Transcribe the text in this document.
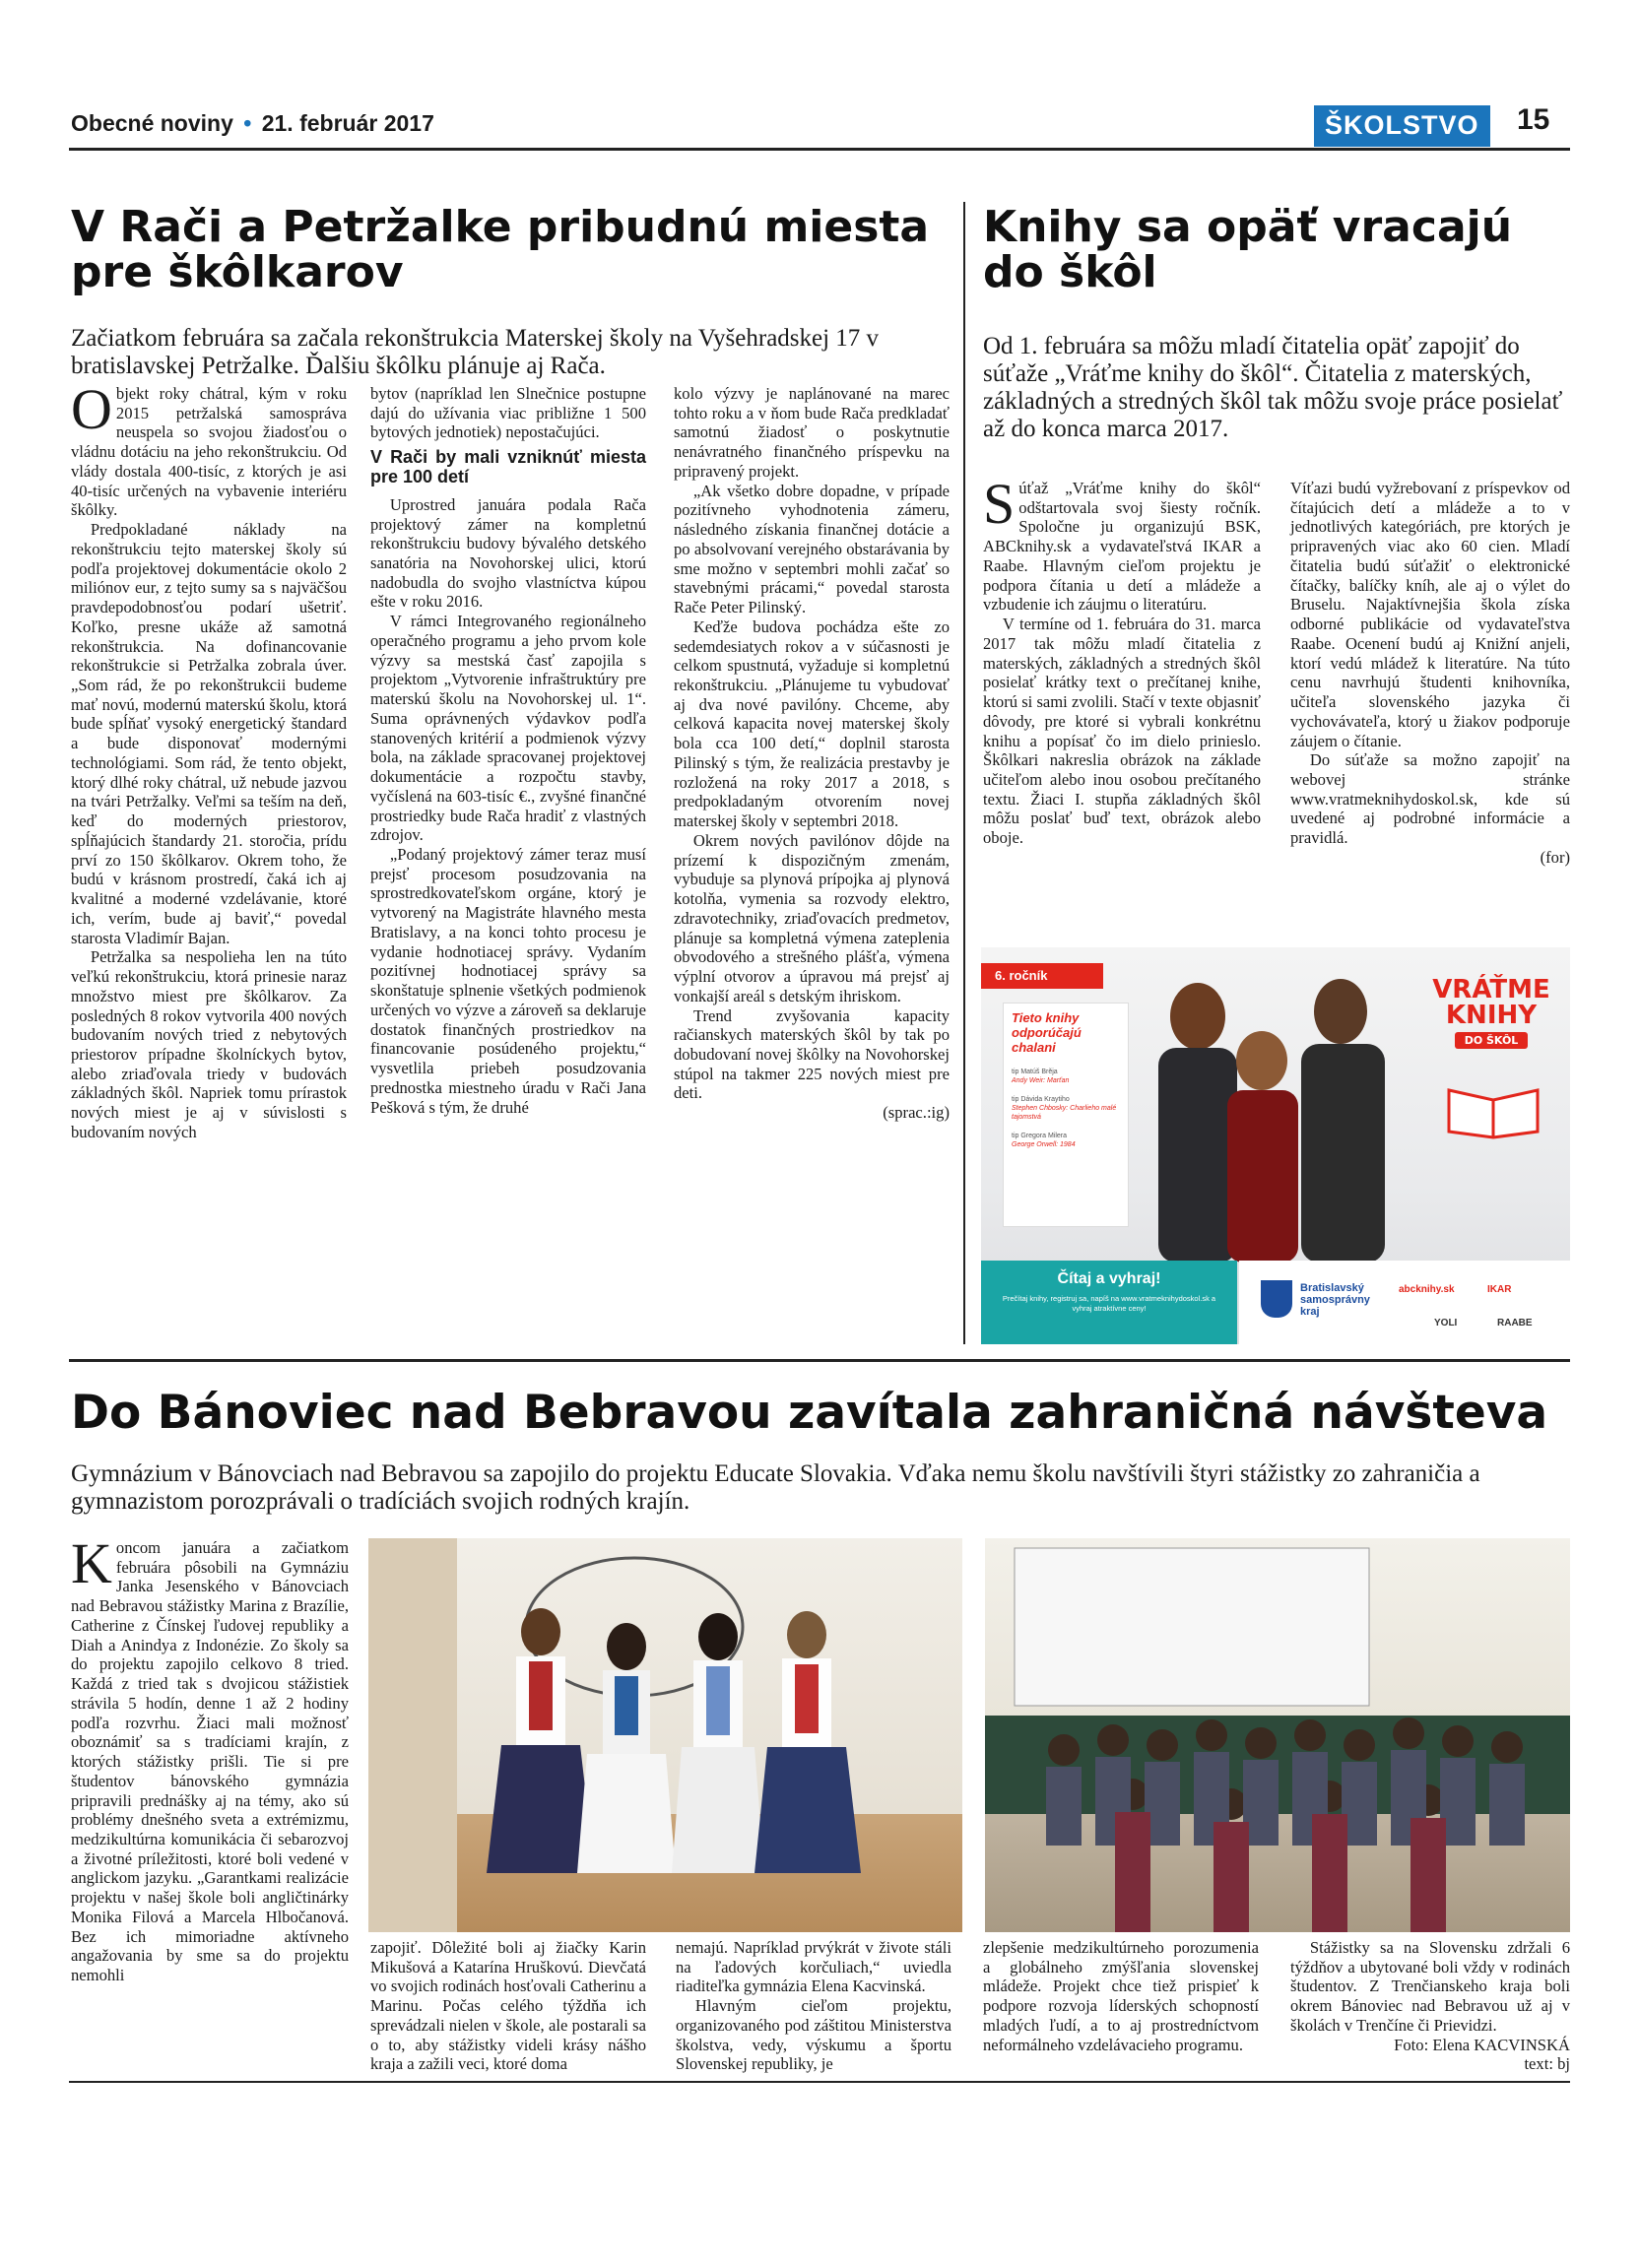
Obecné noviny • 21. február 2017	ŠKOLSTVO	15
V Rači a Petržalke pribudnú miesta pre škôlkarov
Začiatkom februára sa začala rekonštrukcia Materskej školy na Vyšehradskej 17 v bratislavskej Petržalke. Ďalšiu škôlku plánuje aj Rača.
O bjekt roky chátral, kým v roku 2015 petržalská samospráva neuspela so svojou žiadosťou o vládnu dotáciu na jeho rekonštrukciu. Od vlády dostala 400-tisíc, z ktorých je asi 40-tisíc určených na vybavenie interiéru škôlky.

Predpokladané náklady na rekonštrukciu tejto materskej školy sú podľa projektovej dokumentácie okolo 2 miliónov eur, z tejto sumy sa s najväčšou pravdepodobnosťou podarí ušetriť. Koľko, presne ukáže až samotná rekonštrukcia. Na dofinancovanie rekonštrukcie si Petržalka zobrala úver.„Som rád, že po rekonštrukcii budeme mať novú, modernú materskú školu, ktorá bude spĺňať vysoký energetický štandard a bude disponovať modernými technológiami. Som rád, že tento objekt, ktorý dlhé roky chátral, už nebude jazvou na tvári Petržalky. Veľmi sa teším na deň, keď do moderných priestorov, spĺňajúcich štandardy 21. storočia, prídu prví zo 150 škôlkarov. Okrem toho, že budú v krásnom prostredí, čaká ich aj kvalitné a moderné vzdelávanie, ktoré ich, verím, bude aj baviť,“ povedal starosta Vladimír Bajan.

Petržalka sa nespolieha len na túto veľkú rekonštrukciu, ktorá prinesie naraz množstvo miest pre škôlkarov. Za posledných 8 rokov vytvorila 400 nových budovaním nových tried z nebytových priestorov prípadne školníckych bytov, alebo zriaďovala triedy v budovách základných škôl. Napriek tomu prírastok nových miest je aj v súvislosti s budovaním nových

bytov (napríklad len Slnečnice postupne dajú do užívania viac približne 1 500 bytových jednotiek) nepostačujúci.

V Rači by mali vzniknúť miesta pre 100 detí

Uprostred januára podala Rača projektový zámer na kompletnú rekonštrukciu budovy bývalého detského sanatória na Novohorskej ulici, ktorú nadobudla do svojho vlastníctva kúpou ešte v roku 2016.

V rámci Integrovaného regionálneho operačného programu a jeho prvom kole výzvy sa mestská časť zapojila s projektom „Vytvorenie infraštruktúry pre materskú školu na Novohorskej ul. 1“. Suma oprávnených výdavkov podľa stanovených kritérií a podmienok výzvy bola, na základe spracovanej projektovej dokumentácie a rozpočtu stavby, vyčíslená na 603-tisíc €., zvyšné finančné prostriedky bude Rača hradiť z vlastných zdrojov.

„Podaný projektový zámer teraz musí prejsť procesom posudzovania na sprostredkovateľskom orgáne, ktorý je vytvorený na Magistráte hlavného mesta Bratislavy, a na konci tohto procesu je vydanie hodnotiacej správy. Vydaním pozitívnej hodnotiacej správy sa skonštatuje splnenie všetkých podmienok určených vo výzve a zároveň sa deklaruje dostatok finančných prostriedkov na financovanie posúdeného projektu,“ vysvetlila priebeh posudzovania prednostka miestneho úradu v Rači Jana Pešková s tým, že druhé

kolo výzvy je naplánované na marec tohto roku a v ňom bude Rača predkladať samotnú žiadosť o poskytnutie nenávratného finančného príspevku na pripravený projekt.

„Ak všetko dobre dopadne, v prípade pozitívneho vyhodnotenia zámeru, následného získania finančnej dotácie a po absolvovaní verejného obstarávania by sme možno v septembri mohli začať so stavebnými prácami,“ povedal starosta Rače Peter Pilinský.

Keďže budova pochádza ešte zo sedemdesiatych rokov a v súčasnosti je celkom spustnutá, vyžaduje si kompletnú rekonštrukciu. „Plánujeme tu vybudovať aj dva nové pavilóny. Chceme, aby celková kapacita novej materskej školy bola cca 100 detí,“ doplnil starosta Pilinský s tým, že realizácia prestavby je rozložená na roky 2017 a 2018, s predpokladaným otvorením novej materskej školy v septembri 2018.

Okrem nových pavilónov dôjde na prízemí k dispozičným zmenám, vybuduje sa plynová prípojka aj plynová kotolňa, vymenia sa rozvody elektro, zdravotechniky, zriaďovacích predmetov, plánuje sa kompletná výmena zateplenia obvodového a strešného plášťa, výmena výplní otvorov a úpravou má prejsť aj vonkajší areál s detským ihriskom.

Trend zvyšovania kapacity račianskych materských škôl by tak po dobudovaní novej škôlky na Novohorskej stúpol na takmer 225 nových miest pre deti.

(sprac.:ig)

Knihy sa opäť vracajú do škôl
Od 1. februára sa môžu mladí čitatelia opäť zapojiť do súťaže „Vráťme knihy do škôl“. Čitatelia z materských, základných a stredných škôl tak môžu svoje práce posielať až do konca marca 2017.
S úťaž „Vráťme knihy do škôl“ odštartovala svoj šiesty ročník. Spoločne ju organizujú BSK, ABCknihy.sk a vydavateľstvá IKAR a Raabe. Hlavným cieľom projektu je podpora čítania u detí a mládeže a vzbudenie ich záujmu o literatúru.

V termíne od 1. februára do 31. marca 2017 tak môžu mladí čitatelia z materských, základných a stredných škôl posielať krátky text o prečítanej knihe, ktorú si sami zvolili. Stačí v texte objasniť dôvody, pre ktoré si vybrali konkrétnu knihu a popísať čo im dielo prinieslo. Škôlkari nakreslia obrázok na základe učiteľom alebo inou osobou prečítaného textu. Žiaci I. stupňa základných škôl môžu poslať buď text, obrázok alebo oboje.

Víťazi budú vyžrebovaní z príspevkov od čítajúcich detí a mládeže a to v jednotlivých kategóriách, pre ktorých je pripravených viac ako 60 cien. Mladí čitatelia budú súťažiť o elektronické čítačky, balíčky kníh, ale aj o výlet do Bruselu. Najaktívnejšia škola získa odborné publikácie od vydavateľstva Raabe. Ocenení budú aj Knižní anjeli, ktorí vedú mládež k literatúre. Na túto cenu navrhujú študenti knihovníka, učiteľa slovenského jazyka či vychovávateľa, ktorý u žiakov podporuje záujem o čítanie.

Do súťaže sa možno zapojiť na webovej stránke www.vratmeknihydoskol.sk, kde sú uvedené aj podrobné informácie a pravidlá.

(for)

6. ročník
Tieto knihy odporúčajú chalani
tip Matúš Brěja
Andy Weir: Marťan
tip Dávida Kraytiho
Stephen Chbosky: Charlieho malé tajomstvá
tip Gregora Milera
George Orwell: 1984
VRÁŤME
KNIHY
DO ŠKÔL
Čítaj a vyhraj!
Prečítaj knihy, registruj sa, napíš na www.vratmeknihydoskol.sk a vyhraj atraktívne ceny!
Bratislavský samosprávny kraj
abcknihy.sk	IKAR
YOLI	RAABE
Do Bánoviec nad Bebravou zavítala zahraničná návšteva
Gymnázium v Bánovciach nad Bebravou sa zapojilo do projektu Educate Slovakia. Vďaka nemu školu navštívili štyri stážistky zo zahraničia a gymnazistom porozprávali o tradíciách svojich rodných krajín.
K oncom januára a začiatkom februára pôsobili na Gymnáziu Janka Jesenského v Bánovciach nad Bebravou stážistky Marina z Brazílie, Catherine z Čínskej ľudovej republiky a Diah a Anindya z Indonézie. Zo školy sa do projektu zapojilo celkovo 8 tried. Každá z tried tak s dvojicou stážistiek strávila 5 hodín, denne 1 až 2 hodiny podľa rozvrhu. Žiaci mali možnosť oboznámiť sa s tradíciami krajín, z ktorých stážistky prišli. Tie si pre študentov bánovského gymnázia pripravili prednášky aj na témy, ako sú problémy dnešného sveta a extrémizmu, medzikultúrna komunikácia či sebarozvoj a životné príležitosti, ktoré boli vedené v anglickom jazyku. „Garantkami realizácie projektu v našej škole boli angličtinárky Monika Filová a Marcela Hlbočanová. Bez ich mimoriadne aktívneho angažovania by sme sa do projektu nemohli

zapojiť. Dôležité boli aj žiačky Karin Mikušová a Katarína Hruškovú. Dievčatá vo svojich rodinách hosťovali Catherinu a Marinu. Počas celého týždňa ich sprevádzali nielen v škole, ale postarali sa o to, aby stážistky videli krásy nášho kraja a zažili veci, ktoré doma

nemajú. Napríklad prvýkrát v živote stáli na ľadových korčuliach,“ uviedla riaditeľka gymnázia Elena Kacvinská.

Hlavným cieľom projektu, organizovaného pod záštitou Ministerstva školstva, vedy, výskumu a športu Slovenskej republiky, je

zlepšenie medzikultúrneho porozumenia a globálneho zmýšľania slovenskej mládeže. Projekt chce tiež prispieť k podpore rozvoja líderských schopností mladých ľudí, a to aj prostredníctvom neformálneho vzdelávacieho programu.

Stážistky sa na Slovensku zdržali 6 týždňov a ubytované boli vždy v rodinách študentov. Z Trenčianskeho kraja boli okrem Bánoviec nad Bebravou už aj v školách v Trenčíne či Prievidzi.

Foto: Elena KACVINSKÁ

text: bj
